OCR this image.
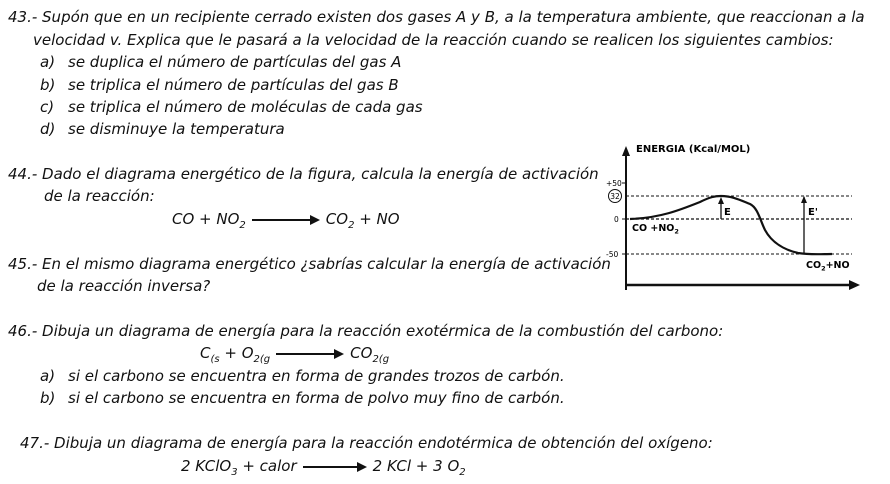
43.- Supón que en un recipiente cerrado existen dos gases A y B, a la temperatura ambiente, que reaccionan a la
velocidad v. Explica que le pasará a la velocidad de la reacción cuando se realicen los siguientes cambios:
a) se duplica el número de partículas del gas A
b) se triplica el número de partículas del gas B
c) se triplica el número de moléculas de cada gas
d) se disminuye la temperatura
44.- Dado el diagrama energético de la figura, calcula la energía de activación
de la reacción:
CO + $NO_2$	$CO_2$ + NO
45.- En el mismo diagrama energético ¿sabrías calcular la energía de activación
de la reacción inversa?
ENERGIA (Kcal/MOL)
+50
32
0
-50
E	E'
CO $+NO_2$
$CO_2+NO$
46.- Dibuja un diagrama de energía para la reacción exotérmica de la combustión del carbono:
$C_{(s} + O_{2(g}$	$CO_{2(g}$
a) si el carbono se encuentra en forma de grandes trozos de carbón.
b) si el carbono se encuentra en forma de polvo muy fino de carbón.
47.- Dibuja un diagrama de energía para la reacción endotérmica de obtención del oxígeno:
2 KClO$_3$ + calor	2 KCl + 3 $O_2$
